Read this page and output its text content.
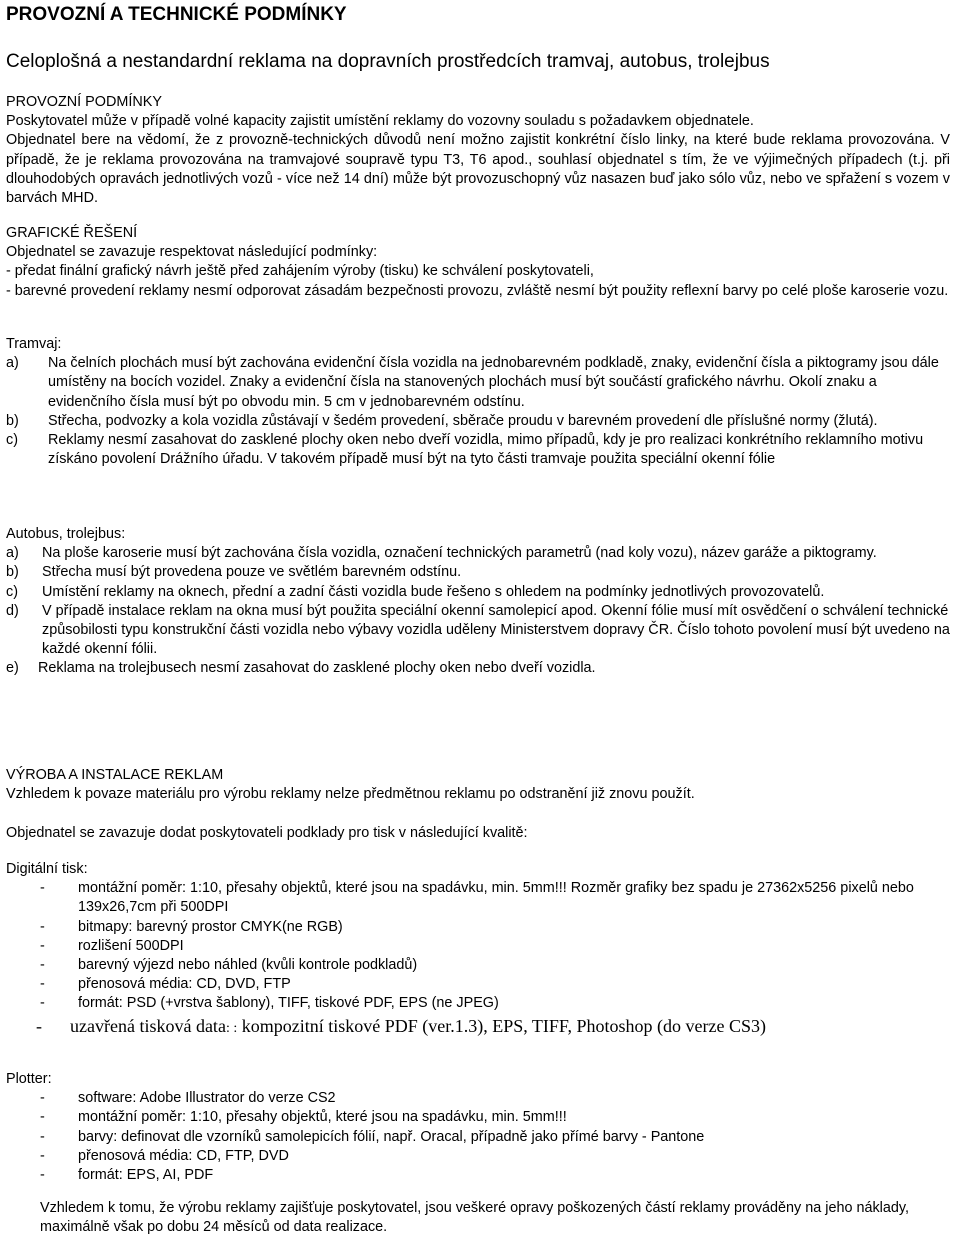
PROVOZNÍ A TECHNICKÉ PODMÍNKY
Celoplošná a nestandardní reklama na dopravních prostředcích tramvaj, autobus, trolejbus

PROVOZNÍ PODMÍNKY

Poskytovatel může v případě volné kapacity zajistit umístění reklamy do vozovny souladu s požadavkem objednatele.

Objednatel bere na vědomí, že z provozně-technických důvodů není možno zajistit konkrétní číslo linky, na které bude reklama provozována. V případě, že je reklama provozována na tramvajové soupravě typu T3, T6 apod., souhlasí objednatel s tím, že ve výjimečných případech (t.j. při dlouhodobých opravách jednotlivých vozů - více než 14 dní) může být provozuschopný vůz nasazen buď jako sólo vůz, nebo ve spřažení s vozem v barvách MHD.

GRAFICKÉ ŘEŠENÍ

Objednatel se zavazuje respektovat následující podmínky:

- předat finální grafický návrh ještě před zahájením výroby (tisku) ke schválení poskytovateli,

- barevné provedení reklamy nesmí odporovat zásadám bezpečnosti provozu, zvláště nesmí být použity reflexní barvy po celé ploše karoserie vozu.

Tramvaj:

a) Na čelních plochách musí být zachována evidenční čísla vozidla na jednobarevném podkladě, znaky, evidenční čísla a piktogramy jsou dále umístěny na bocích vozidel. Znaky a evidenční čísla na stanovených plochách musí být součástí grafického návrhu. Okolí znaku a evidenčního čísla musí být po obvodu min. 5 cm v jednobarevném odstínu.
b) Střecha, podvozky a kola vozidla zůstávají v šedém provedení, sběrače proudu v barevném provedení dle příslušné normy (žlutá).
c) Reklamy nesmí zasahovat do zasklené plochy oken nebo dveří vozidla, mimo případů, kdy je pro realizaci konkrétního reklamního motivu získáno povolení Drážního úřadu. V takovém případě musí být na tyto části tramvaje použita speciální okenní fólie

Autobus, trolejbus:

a) Na ploše karoserie musí být zachována čísla vozidla, označení technických parametrů (nad koly vozu), název garáže a piktogramy.
b) Střecha musí být provedena pouze ve světlém barevném odstínu.
c) Umístění reklamy na oknech, přední a zadní části vozidla bude řešeno s ohledem na podmínky jednotlivých provozovatelů.
d) V případě instalace reklam na okna musí být použita speciální okenní samolepicí apod. Okenní fólie musí mít osvědčení o schválení technické způsobilosti typu konstrukční části vozidla nebo výbavy vozidla uděleny Ministerstvem dopravy ČR. Číslo tohoto povolení musí být uvedeno na každé okenní fólii.
e) Reklama na trolejbusech nesmí zasahovat do zasklené plochy oken nebo dveří vozidla.

VÝROBA A INSTALACE REKLAM

Vzhledem k povaze materiálu pro výrobu reklamy nelze předmětnou reklamu po odstranění již znovu použít.

Objednatel se zavazuje dodat poskytovateli podklady pro tisk v následující kvalitě:

Digitální tisk:

- montážní poměr: 1:10, přesahy objektů, které jsou na spadávku, min. 5mm!!! Rozměr grafiky bez spadu je 27362x5256 pixelů nebo 139x26,7cm při 500DPI
- bitmapy: barevný prostor CMYK(ne RGB)
- rozlišení 500DPI
- barevný výjezd nebo náhled (kvůli kontrole podkladů)
- přenosová média: CD, DVD, FTP
- formát: PSD (+vrstva šablony), TIFF, tiskové PDF, EPS (ne JPEG)
- uzavřená tisková data: : kompozitní tiskové PDF (ver.1.3), EPS, TIFF, Photoshop (do verze CS3)

Plotter:

- software: Adobe Illustrator do verze CS2
- montážní poměr: 1:10, přesahy objektů, které jsou na spadávku, min. 5mm!!!
- barvy: definovat dle vzorníků samolepicích fólií, např. Oracal, případně jako přímé barvy - Pantone
- přenosová média: CD, FTP, DVD
- formát: EPS, AI, PDF
Vzhledem k tomu, že výrobu reklamy zajišťuje poskytovatel, jsou veškeré opravy poškozených částí reklamy prováděny na jeho náklady, maximálně však po dobu 24 měsíců od data realizace.
